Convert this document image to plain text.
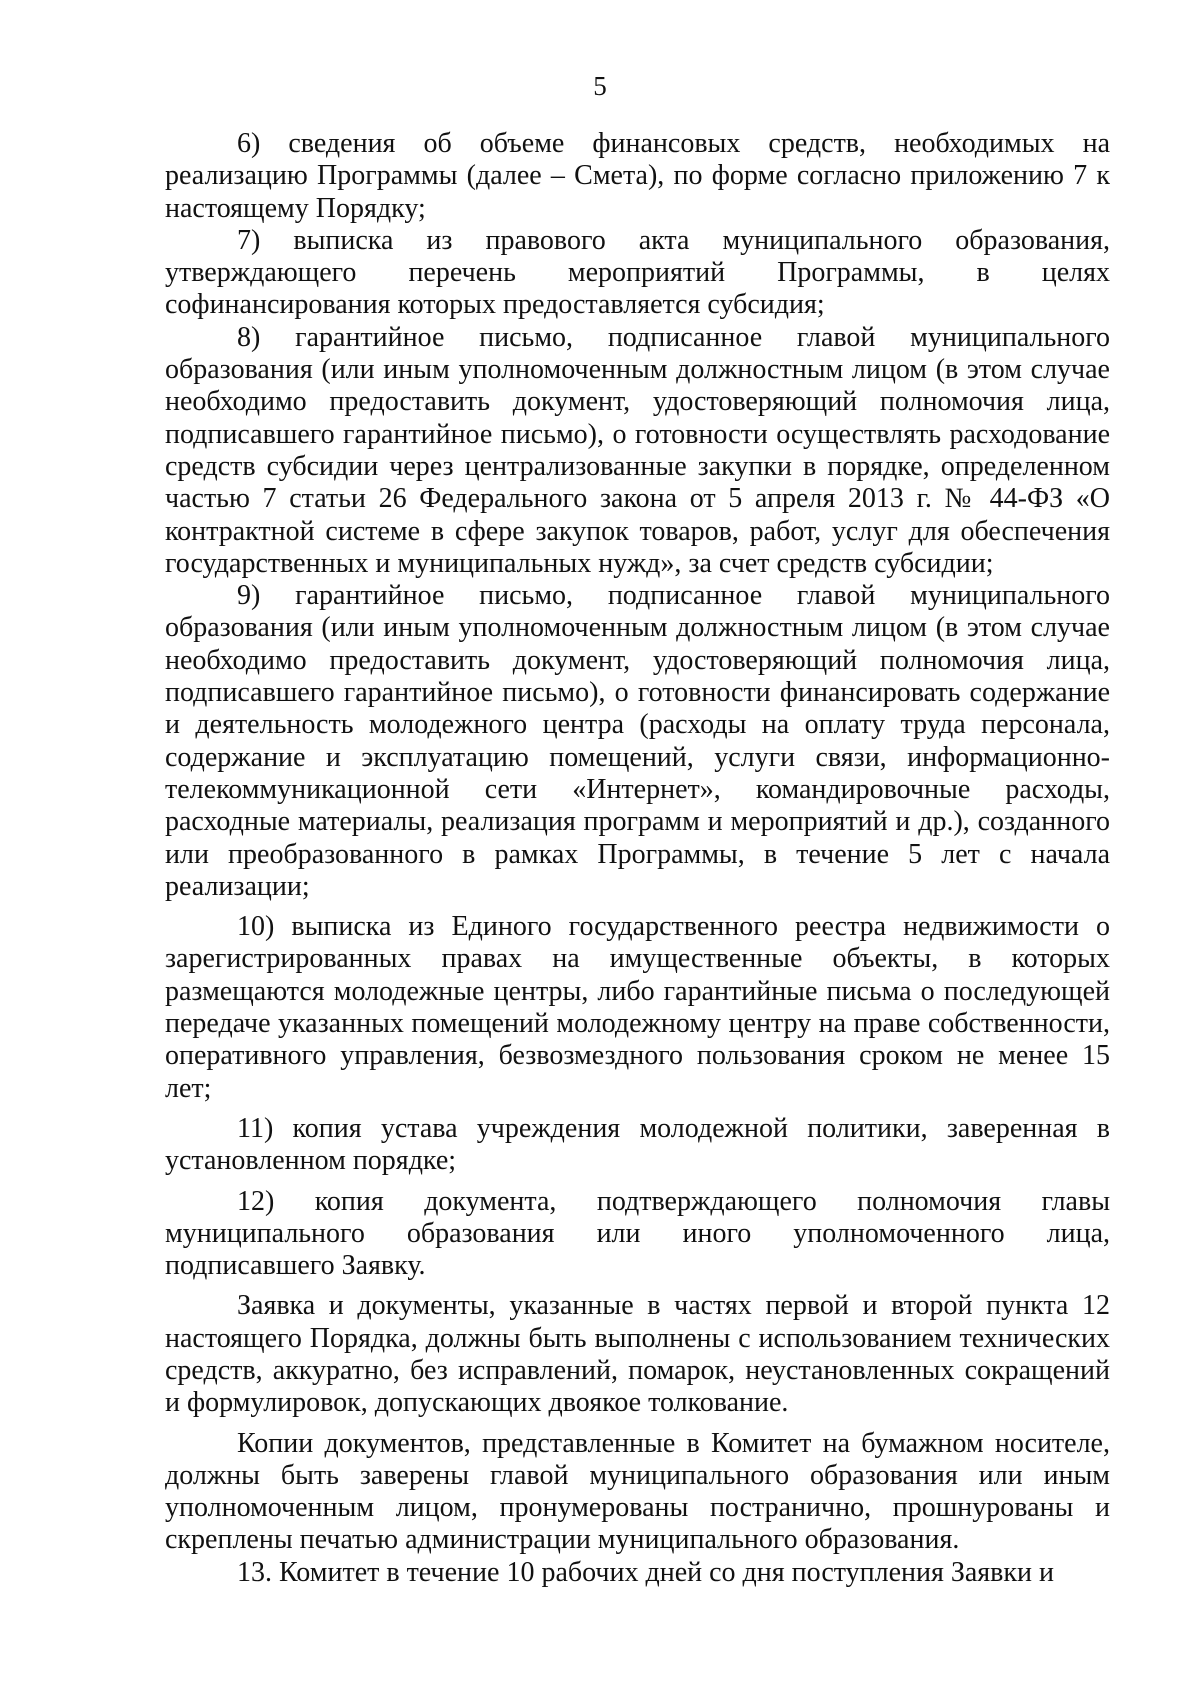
5

6) сведения об объеме финансовых средств, необходимых на реализацию Программы (далее – Смета), по форме согласно приложению 7 к настоящему Порядку;

7) выписка из правового акта муниципального образования, утверждающего перечень мероприятий Программы, в целях софинансирования которых предоставляется субсидия;

8) гарантийное письмо, подписанное главой муниципального образования (или иным уполномоченным должностным лицом (в этом случае необходимо предоставить документ, удостоверяющий полномочия лица, подписавшего гарантийное письмо), о готовности осуществлять расходование средств субсидии через централизованные закупки в порядке, определенном частью 7 статьи 26 Федерального закона от 5 апреля 2013 г. № 44-ФЗ «О контрактной системе в сфере закупок товаров, работ, услуг для обеспечения государственных и муниципальных нужд», за счет средств субсидии;

9) гарантийное письмо, подписанное главой муниципального образования (или иным уполномоченным должностным лицом (в этом случае необходимо предоставить документ, удостоверяющий полномочия лица, подписавшего гарантийное письмо), о готовности финансировать содержание и деятельность молодежного центра (расходы на оплату труда персонала, содержание и эксплуатацию помещений, услуги связи, информационно-телекоммуникационной сети «Интернет», командировочные расходы, расходные материалы, реализация программ и мероприятий и др.), созданного или преобразованного в рамках Программы, в течение 5 лет с начала реализации;

10) выписка из Единого государственного реестра недвижимости о зарегистрированных правах на имущественные объекты, в которых размещаются молодежные центры, либо гарантийные письма о последующей передаче указанных помещений молодежному центру на праве собственности, оперативного управления, безвозмездного пользования сроком не менее 15 лет;

11) копия устава учреждения молодежной политики, заверенная в установленном порядке;

12) копия документа, подтверждающего полномочия главы муниципального образования или иного уполномоченного лица, подписавшего Заявку.

Заявка и документы, указанные в частях первой и второй пункта 12 настоящего Порядка, должны быть выполнены с использованием технических средств, аккуратно, без исправлений, помарок, неустановленных сокращений и формулировок, допускающих двоякое толкование.

Копии документов, представленные в Комитет на бумажном носителе, должны быть заверены главой муниципального образования или иным уполномоченным лицом, пронумерованы постранично, прошнурованы и скреплены печатью администрации муниципального образования.

13. Комитет в течение 10 рабочих дней со дня поступления Заявки и
